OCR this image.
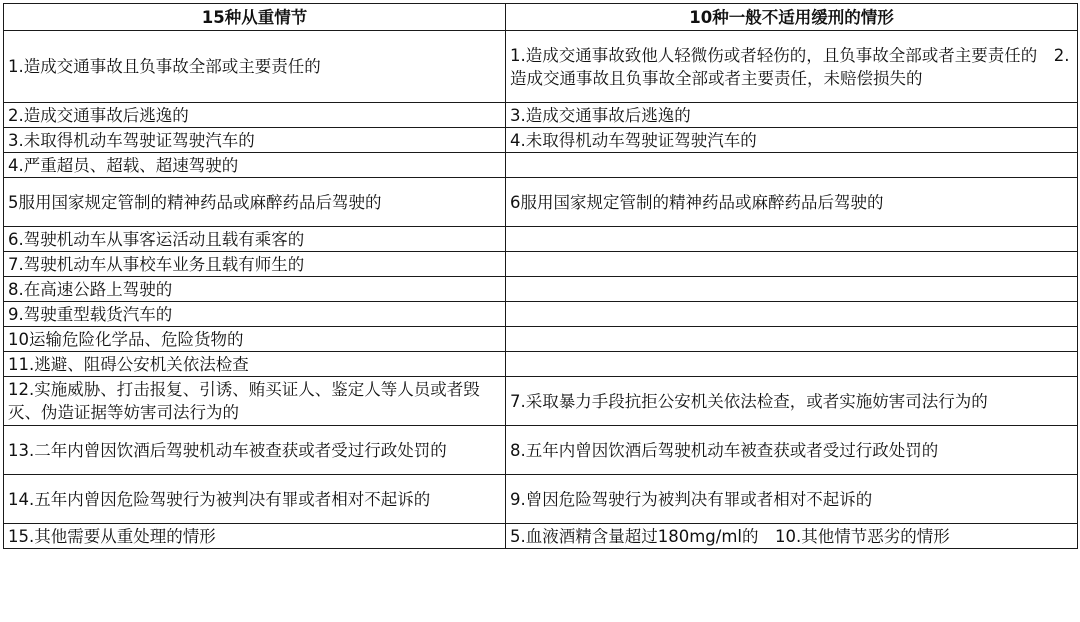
15种从重情节	10种一般不适用缓刑的情形
1.造成交通事故且负事故全部或主要责任的	1.造成交通事故致他人轻微伤或者轻伤的，且负事故全部或者主要责任的　2.造成交通事故且负事故全部或者主要责任，未赔偿损失的
2.造成交通事故后逃逸的	3.造成交通事故后逃逸的
3.未取得机动车驾驶证驾驶汽车的	4.未取得机动车驾驶证驾驶汽车的
4.严重超员、超载、超速驾驶的	
5服用国家规定管制的精神药品或麻醉药品后驾驶的	6服用国家规定管制的精神药品或麻醉药品后驾驶的
6.驾驶机动车从事客运活动且载有乘客的	
7.驾驶机动车从事校车业务且载有师生的	
8.在高速公路上驾驶的	
9.驾驶重型载货汽车的	
10运输危险化学品、危险货物的	
11.逃避、阻碍公安机关依法检查	
12.实施威胁、打击报复、引诱、贿买证人、鉴定人等人员或者毁灭、伪造证据等妨害司法行为的	7.采取暴力手段抗拒公安机关依法检查，或者实施妨害司法行为的
13.二年内曾因饮酒后驾驶机动车被查获或者受过行政处罚的	8.五年内曾因饮酒后驾驶机动车被查获或者受过行政处罚的
14.五年内曾因危险驾驶行为被判决有罪或者相对不起诉的	9.曾因危险驾驶行为被判决有罪或者相对不起诉的
15.其他需要从重处理的情形	5.血液酒精含量超过180mg/ml的　10.其他情节恶劣的情形
